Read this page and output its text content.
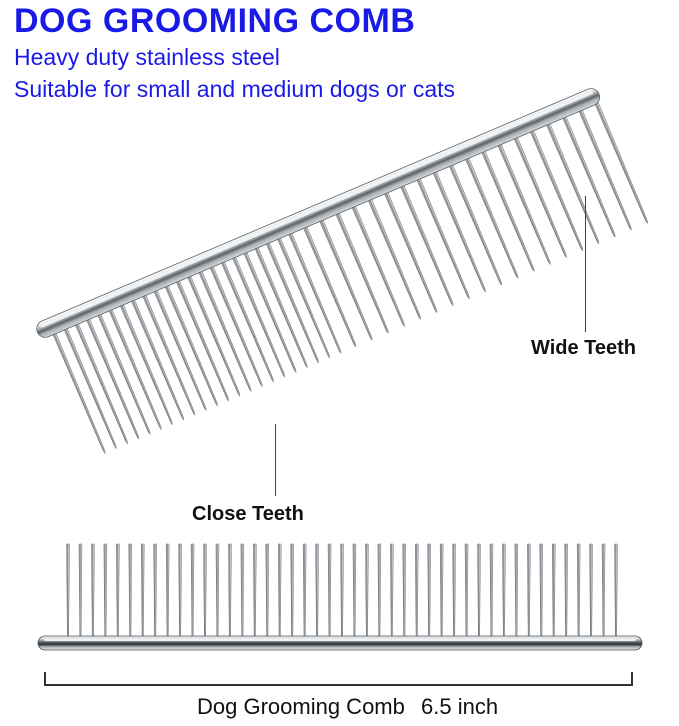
DOG GROOMING COMB
Heavy duty stainless steel
Suitable for small and medium dogs or cats
Wide Teeth
Close Teeth
Dog Grooming Comb 6.5 inch
